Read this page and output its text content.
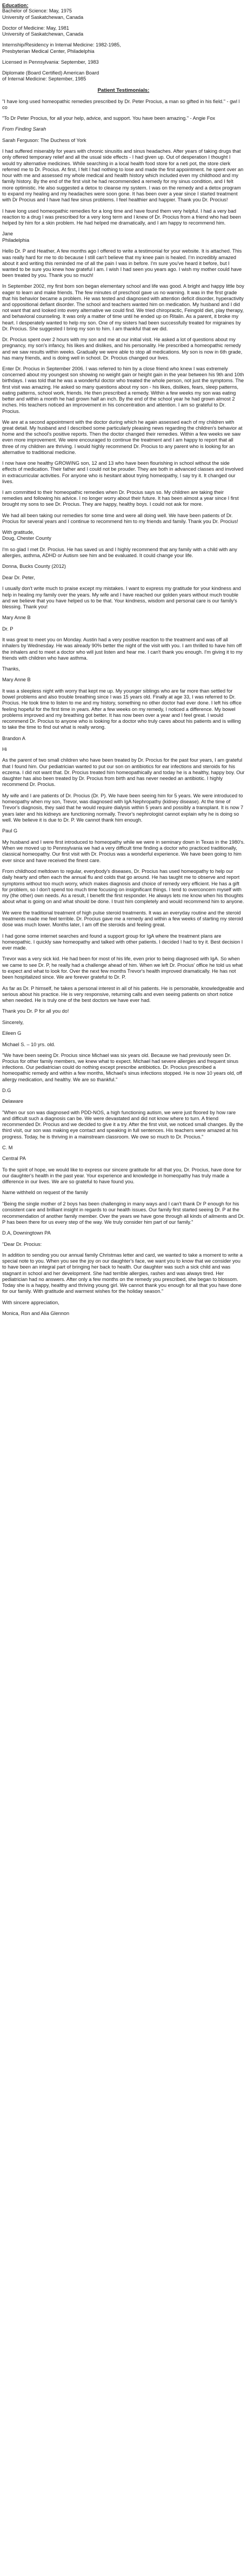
Education:

Bachelor of Science: May, 1975

University of Saskatchewan, Canada

Doctor of Medicine: May, 1981

University of Saskatchewan, Canada

Internship/Residency in Internal Medicine: 1982-1985,

Presbyterian Medical Center, Philadelphia

Licensed in Pennsylvania: September, 1983

Diplomate (Board Certified) American Board

of Internal Medicine: September, 1985

Patient Testimonials:

"I have long used homeopathic remedies prescribed by Dr. Peter Procius, a man so gifted in his field." - gwl l co

"To Dr Peter Procius, for all your help, advice, and support. You have been amazing." - Angie Fox

From Finding Sarah

Sarah Ferguson: The Duchess of York

I had suffered miserably for years with chronic sinusitis and sinus headaches. After years of taking drugs that only offered temporary relief and all the usual side effects - I had given up. Out of desperation I thought I would try alternative medicines. While searching in a local health food store for a neti pot, the store clerk referred me to Dr. Procius. At first, I felt I had nothing to lose and made the first appointment. he spent over an hour with me and assessed my whole medical and health history which included even my childhood and my family history. By the end of the first visit he had recommended a remedy for my sinus condition, and I felt more optimistic. He also suggested a detox to cleanse my system. I was on the remedy and a detox program to expand my healing and my headaches were soon gone. It has been over a year since I started treatment with Dr Procius and I have had few sinus problems. I feel healthier and happier. Thank you Dr. Procius!

I have long used homeopathic remedies for a long time and have found them very helpful. I had a very bad reaction to a drug I was prescribed for a very long term and I knew of Dr. Procius from a friend who had been helped by him for a skin problem. He had helped me dramatically, and I am happy to recommend him.

Jane

Philadelphia

Hello Dr. P and Heather, A few months ago I offered to write a testimonial for your website. It is attached. This was really hard for me to do because I still can't believe that my knee pain is healed. I'm incredibly amazed about it and writing this reminded me of all the pain I was in before. I'm sure you've heard it before, but I wanted to be sure you knew how grateful I am. I wish I had seen you years ago. I wish my mother could have been treated by you. Thank you so much!

In September 2002, my first born son began elementary school and life was good. A bright and happy little boy eager to learn and make friends. The few minutes of preschool gave us no warning. It was in the first grade that his behavior became a problem. He was tested and diagnosed with attention deficit disorder, hyperactivity and oppositional defiant disorder. The school and teachers wanted him on medication. My husband and I did not want that and looked into every alternative we could find. We tried chiropractic, Feingold diet, play therapy, and behavioral counseling. It was only a matter of time until he ended up on Ritalin. As a parent, it broke my heart. I desperately wanted to help my son. One of my sisters had been successfully treated for migraines by Dr. Procius. She suggested I bring my son to him. I am thankful that we did.

Dr. Procius spent over 2 hours with my son and me at our initial visit. He asked a lot of questions about my pregnancy, my son's infancy, his likes and dislikes, and his personality. He prescribed a homeopathic remedy and we saw results within weeks. Gradually we were able to stop all medications. My son is now in 6th grade, has many friends, and is doing well in school. Dr. Procius changed our lives.

Enter Dr. Procius in September 2006. I was referred to him by a close friend who knew I was extremely concerned about my youngest son showing no weight gain or height gain in the year between his 9th and 10th birthdays. I was told that he was a wonderful doctor who treated the whole person, not just the symptoms. The first visit was amazing. He asked so many questions about my son - his likes, dislikes, fears, sleep patterns, eating patterns, school work, friends. He then prescribed a remedy. Within a few weeks my son was eating better and within a month he had grown half an inch. By the end of the school year he had grown almost 2 inches. His teachers noticed an improvement in his concentration and attention. I am so grateful to Dr. Procius.

We are at a second appointment with the doctor during which he again assessed each of my children with great detail. My husband and I described some particularly pleasing news regarding the children's behavior at home and the school's positive reports. Then the doctor changed their remedies. Within a few weeks we saw even more improvement. We were encouraged to continue the treatment and I am happy to report that all three of my children are thriving. I would highly recommend Dr. Procius to any parent who is looking for an alternative to traditional medicine.

I now have one healthy GROWING son, 12 and 13 who have been flourishing in school without the side effects of medication. Their father and I could not be prouder. They are both in advanced classes and involved in extracurricular activities. For anyone who is hesitant about trying homeopathy, I say try it. It changed our lives.

I am committed to their homeopathic remedies when Dr. Procius says so. My children are taking their remedies and following his advice. I no longer worry about their future. It has been almost a year since I first brought my sons to see Dr. Procius. They are happy, healthy boys. I could not ask for more.

We had all been taking our remedies for some time and were all doing well. We have been patients of Dr. Procius for several years and I continue to recommend him to my friends and family. Thank you Dr. Procius!

With gratitude,

Doug, Chester County

I'm so glad I met Dr. Procius. He has saved us and I highly recommend that any family with a child with any allergies, asthma, ADHD or Autism see him and be evaluated. It could change your life.

Donna, Bucks County (2012)

Dear Dr. Peter,

I usually don't write much to praise except my mistakes. I want to express my gratitude for your kindness and help in healing my family over the years. My wife and I have reached our golden years without much trouble and we believe that you have helped us to be that. Your kindness, wisdom and personal care is our family's blessing. Thank you!

Mary Anne B

Dr. P

It was great to meet you on Monday. Austin had a very positive reaction to the treatment and was off all inhalers by Wednesday. He was already 90% better the night of the visit with you. I am thrilled to have him off the inhalers and to meet a doctor who will just listen and hear me. I can't thank you enough. I'm giving it to my friends with children who have asthma.

Thanks,

Mary Anne B

It was a sleepless night with worry that kept me up. My younger siblings who are far more than settled for bowel problems and also trouble breathing since I was 15 years old. Finally at age 33, I was referred to Dr. Procius. He took time to listen to me and my history, something no other doctor had ever done. I left his office feeling hopeful for the first time in years. After a few weeks on my remedy, I noticed a difference. My bowel problems improved and my breathing got better. It has now been over a year and I feel great. I would recommend Dr. Procius to anyone who is looking for a doctor who truly cares about his patients and is willing to take the time to find out what is really wrong.

Brandon A

Hi

As the parent of two small children who have been treated by Dr. Procius for the past four years, I am grateful that I found him. Our pediatrician wanted to put our son on antibiotics for ear infections and steroids for his eczema. I did not want that. Dr. Procius treated him homeopathically and today he is a healthy, happy boy. Our daughter has also been treated by Dr. Procius from birth and has never needed an antibiotic. I highly recommend Dr. Procius.

My wife and I are patients of Dr. Procius (Dr. P). We have been seeing him for 5 years. We were introduced to homeopathy when my son, Trevor, was diagnosed with IgA Nephropathy (kidney disease). At the time of Trevor's diagnosis, they said that he would require dialysis within 5 years and possibly a transplant. It is now 7 years later and his kidneys are functioning normally. Trevor's nephrologist cannot explain why he is doing so well. We believe it is due to Dr. P. We cannot thank him enough.

Paul G

My husband and I were first introduced to homeopathy while we were in seminary down in Texas in the 1980's. When we moved up to Pennsylvania we had a very difficult time finding a doctor who practiced traditionally, classical homeopathy. Our first visit with Dr. Procius was a wonderful experience. We have been going to him ever since and have received the finest care.

From childhood meltdown to regular, everybody's diseases, Dr. Procius has used homeopathy to help our daily hearty and often each the annual flu and colds that go around. He has taught me to observe and report symptoms without too much worry, which makes diagnosis and choice of remedy very efficient. He has a gift for problem, so I don't spend too much time focusing on insignificant things. I tend to overconcern myself with my (the other) own needs. As a result, I benefit the first responder. He always lets me know when his thoughts about what is going on and what should be done. I trust him completely and would recommend him to anyone.

We were the traditional treatment of high pulse steroid treatments. It was an everyday routine and the steroid treatments made me feel terrible. Dr. Procius gave me a remedy and within a few weeks of starting my steroid dose was much lower. Months later, I am off the steroids and feeling great.

I had gone some internet searches and found a support group for IgA where the treatment plans are homeopathic. I quickly saw homeopathy and talked with other patients. I decided I had to try it. Best decision I ever made.

Trevor was a very sick kid. He had been for most of his life, even prior to being diagnosed with IgA. So when we came to see Dr. P, he really had a challenge ahead of him. When we left Dr. Procius' office he told us what to expect and what to look for. Over the next few months Trevor's health improved dramatically. He has not been hospitalized since. We are forever grateful to Dr. P.

As far as Dr. P himself, he takes a personal interest in all of his patients. He is personable, knowledgeable and serious about his practice. He is very responsive, returning calls and even seeing patients on short notice when needed. He is truly one of the best doctors we have ever had.

Thank you Dr. P for all you do!

Sincerely,

Eileen G

Michael S. – 10 yrs. old.

"We have been seeing Dr. Procius since Michael was six years old. Because we had previously seen Dr. Procius for other family members, we knew what to expect. Michael had severe allergies and frequent sinus infections. Our pediatrician could do nothing except prescribe antibiotics. Dr. Procius prescribed a homeopathic remedy and within a few months, Michael's sinus infections stopped. He is now 10 years old, off allergy medication, and healthy. We are so thankful."

D.G

Delaware

"When our son was diagnosed with PDD-NOS, a high functioning autism, we were just floored by how rare and difficult such a diagnosis can be. We were devastated and did not know where to turn. A friend recommended Dr. Procius and we decided to give it a try. After the first visit, we noticed small changes. By the third visit, our son was making eye contact and speaking in full sentences. His teachers were amazed at his progress. Today, he is thriving in a mainstream classroom. We owe so much to Dr. Procius."

C. M

Central PA

To the spirit of hope, we would like to express our sincere gratitude for all that you, Dr. Procius, have done for our daughter's health in the past year. Your experience and knowledge in homeopathy has truly made a difference in our lives. We are so grateful to have found you.

Name withheld on request of the family

"Being the single mother of 2 boys has been challenging in many ways and I can't thank Dr P enough for his consistent care and brilliant insight in regards to our health issues. Our family first started seeing Dr. P at the recommendation of another family member. Over the years we have gone through all kinds of ailments and Dr. P has been there for us every step of the way. We truly consider him part of our family."

D.A, Downingtown PA

"Dear Dr. Procius:

In addition to sending you our annual family Christmas letter and card, we wanted to take a moment to write a special note to you. When you see the joy on our daughter's face, we want you to know that we consider you to have been an integral part of bringing her back to health. Our daughter was such a sick child and was stagnant in school and her development. She had terrible allergies, rashes and was always tired. Her pediatrician had no answers. After only a few months on the remedy you prescribed, she began to blossom. Today she is a happy, healthy and thriving young girl. We cannot thank you enough for all that you have done for our family. With gratitude and warmest wishes for the holiday season."

With sincere appreciation,

Monica, Ron and Alia Glennon
